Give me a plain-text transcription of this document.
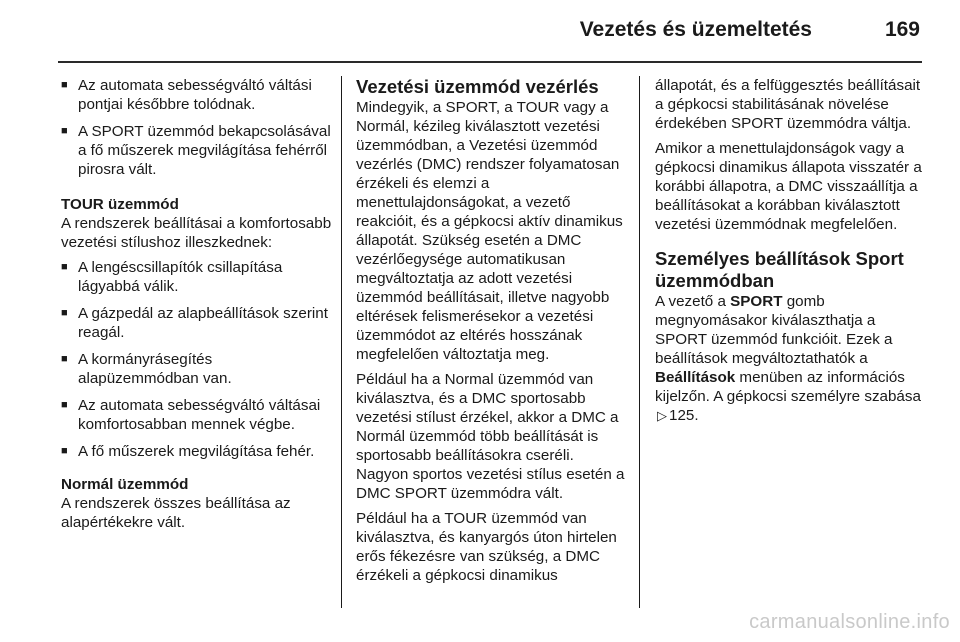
Vezetés és üzemeltetés	169
■ Az automata sebességváltó váltási pontjai későbbre tolódnak.
■ A SPORT üzemmód bekapcsolásával a fő műszerek megvilágítása fehérről pirosra vált.
TOUR üzemmód
A rendszerek beállításai a komfortosabb vezetési stílushoz illeszkednek:
■ A lengéscsillapítók csillapítása lágyabbá válik.
■ A gázpedál az alapbeállítások szerint reagál.
■ A kormányrásegítés alapüzemmódban van.
■ Az automata sebességváltó váltásai komfortosabban mennek végbe.
■ A fő műszerek megvilágítása fehér.
Normál üzemmód
A rendszerek összes beállítása az alapértékekre vált.
Vezetési üzemmód vezérlés
Mindegyik, a SPORT, a TOUR vagy a Normál, kézileg kiválasztott vezetési üzemmódban, a Vezetési üzemmód vezérlés (DMC) rendszer folyamatosan érzékeli és elemzi a menettulajdonságokat, a vezető reakcióit, és a gépkocsi aktív dinamikus állapotát. Szükség esetén a DMC vezérlőegysége automatikusan megváltoztatja az adott vezetési üzemmód beállításait, illetve nagyobb eltérések felismerésekor a vezetési üzemmódot az eltérés hosszának megfelelően változtatja meg.
Például ha a Normal üzemmód van kiválasztva, és a DMC sportosabb vezetési stílust érzékel, akkor a DMC a Normál üzemmód több beállítását is sportosabb beállításokra cseréli. Nagyon sportos vezetési stílus esetén a DMC SPORT üzemmódra vált.
Például ha a TOUR üzemmód van kiválasztva, és kanyargós úton hirtelen erős fékezésre van szükség, a DMC érzékeli a gépkocsi dinamikus
állapotát, és a felfüggesztés beállításait a gépkocsi stabilitásának növelése érdekében SPORT üzemmódra váltja.
Amikor a menettulajdonságok vagy a gépkocsi dinamikus állapota visszatér a korábbi állapotra, a DMC visszaállítja a beállításokat a korábban kiválasztott vezetési üzemmódnak megfelelően.
Személyes beállítások Sport üzemmódban
A vezető a SPORT gomb megnyomásakor kiválaszthatja a SPORT üzemmód funkcióit. Ezek a beállítások megváltoztathatók a Beállítások menüben az információs kijelzőn. A gépkocsi személyre szabása ▷ 125.
carmanualsonline.info
